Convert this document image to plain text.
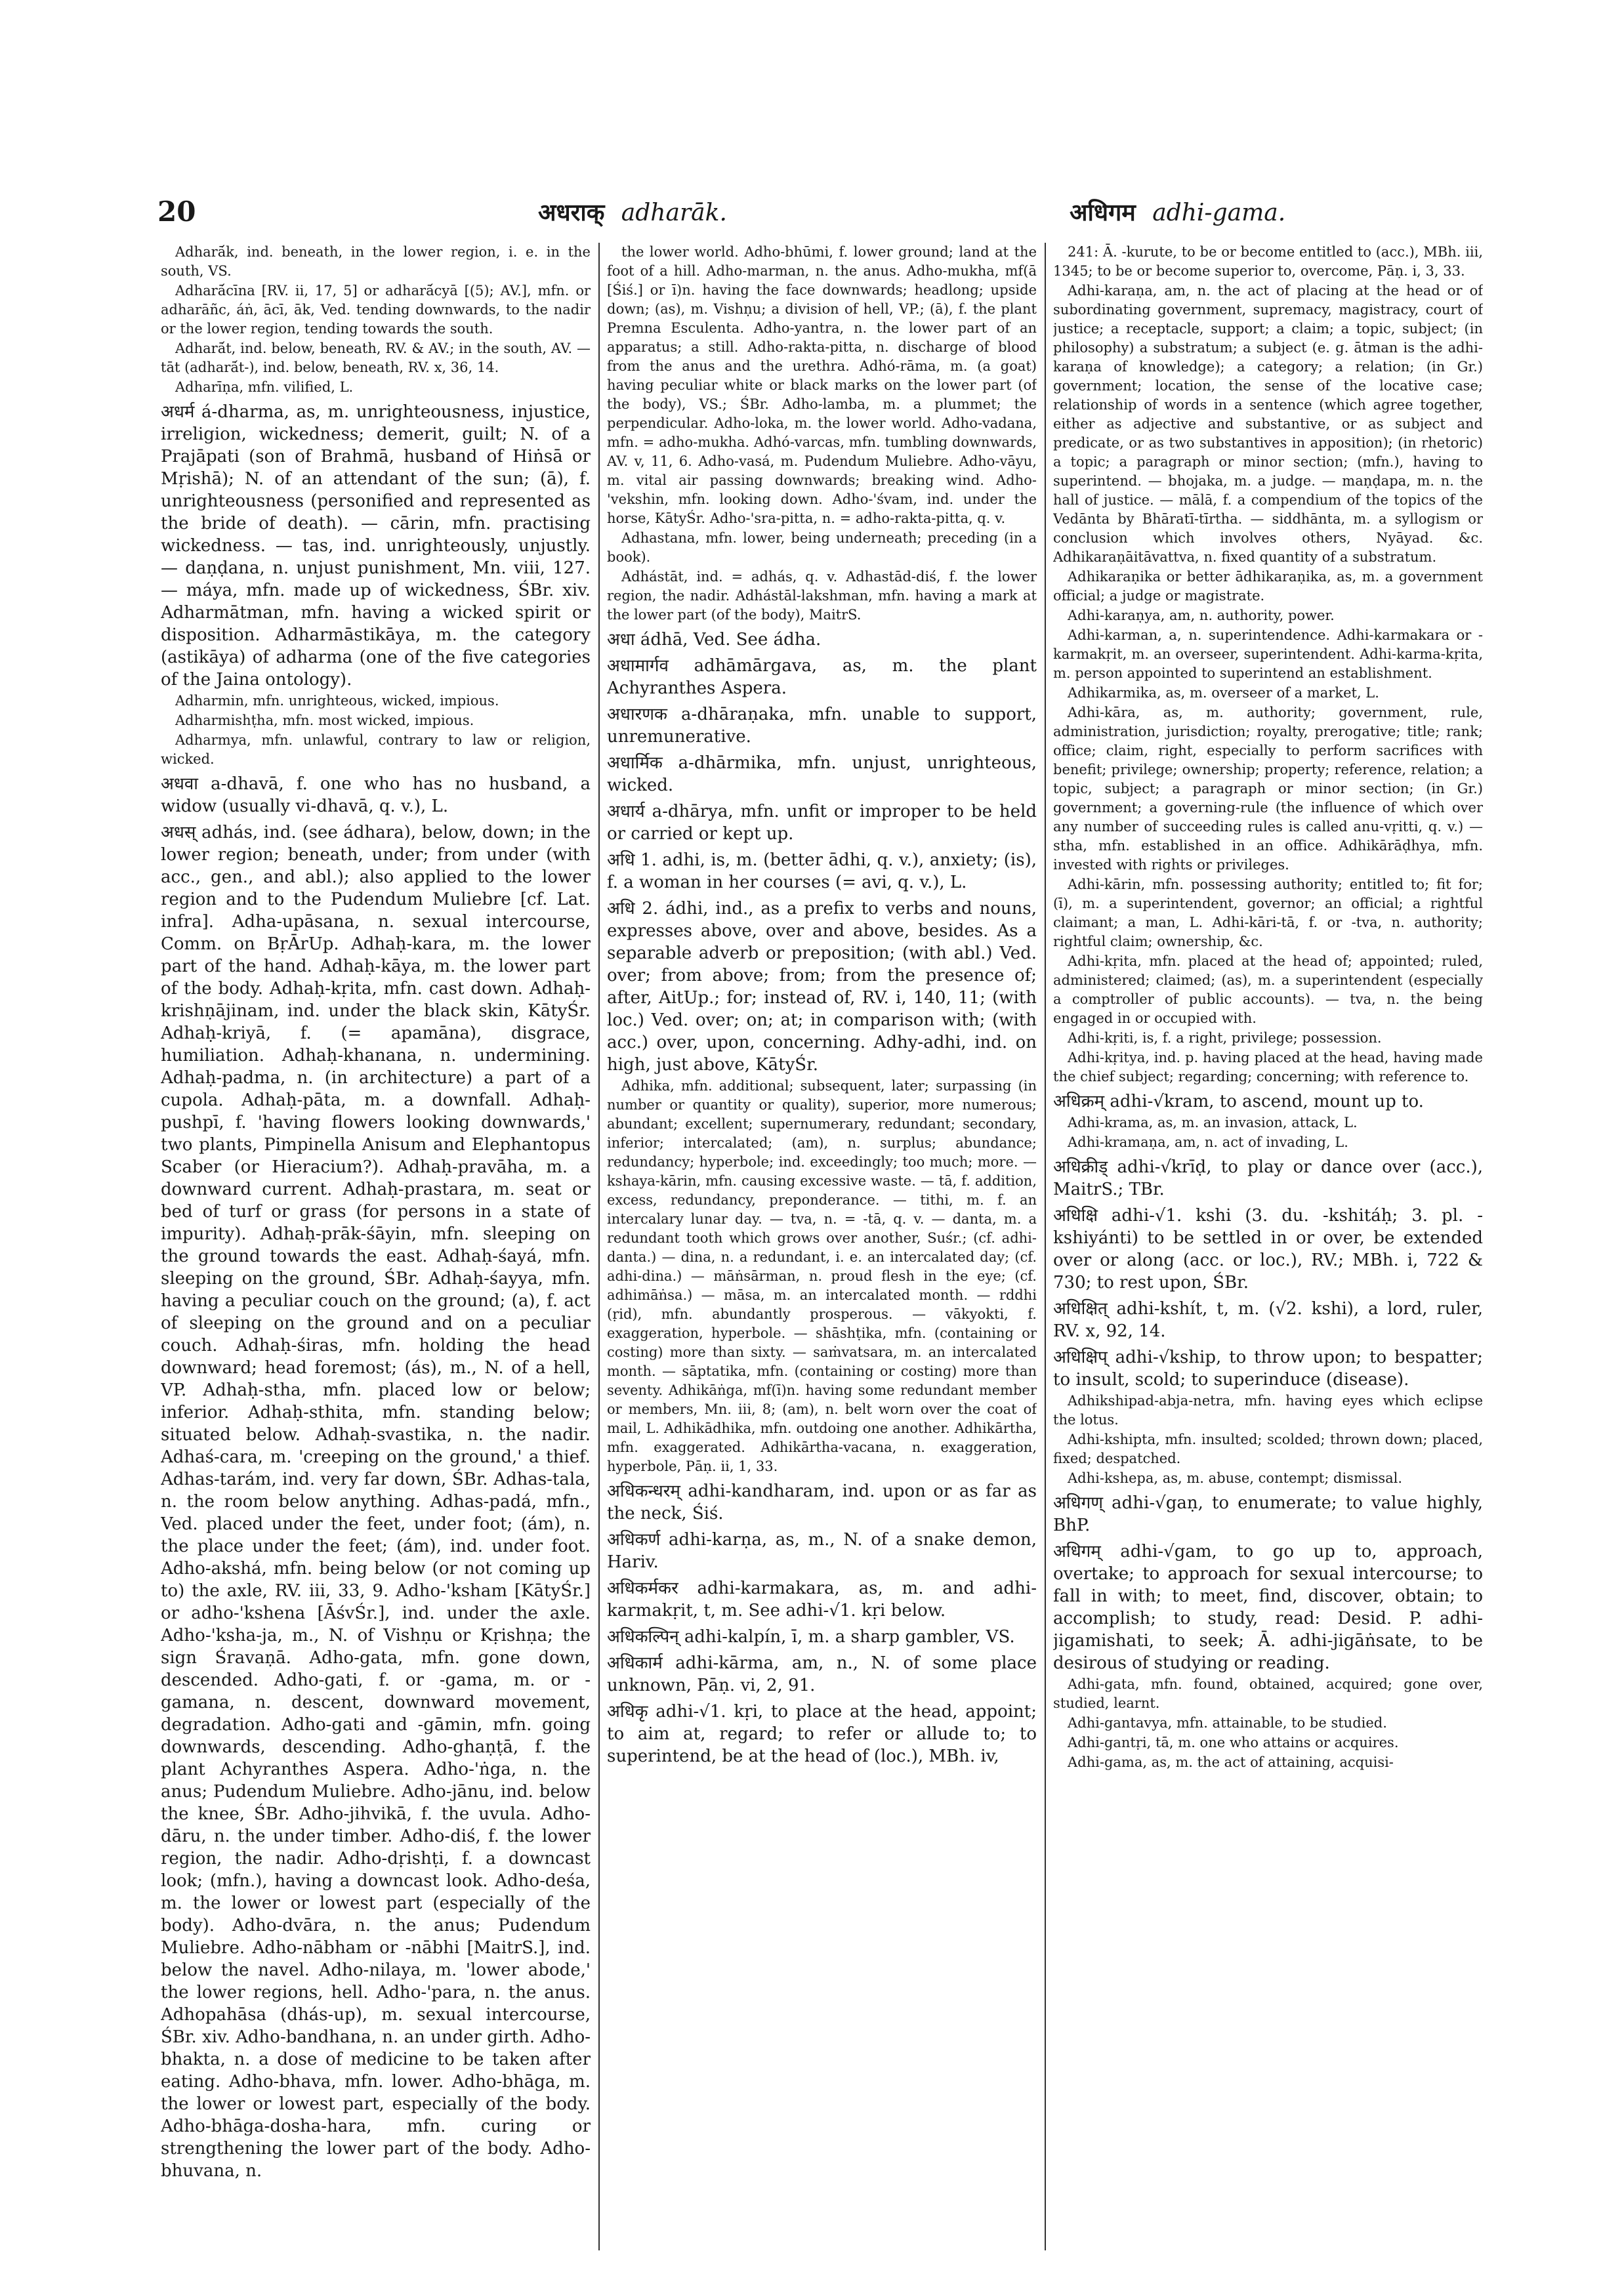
20	अधराक् adharāk.	अधिगम adhi-gama.

Adharā́k, ind. beneath, in the lower region, i. e. in the south, VS.

Adharā́cīna [RV. ii, 17, 5] or adharā́cyā [(5); AV.], mfn. or adharāñc, áṅ, ācī, āk, Ved. tending downwards, to the nadir or the lower region, tending towards the south.

Adharā́t, ind. below, beneath, RV. & AV.; in the south, AV. — tāt (adharā́t-), ind. below, beneath, RV. x, 36, 14.

Adharīṇa, mfn. vilified, L.

अधर्म á-dharma, as, m. unrighteousness, injustice, irreligion, wickedness; demerit, guilt; N. of a Prajāpati (son of Brahmā, husband of Hiṅsā or Mṛishā); N. of an attendant of the sun; (ā), f. unrighteousness (personified and represented as the bride of death). — cārin, mfn. practising wickedness. — tas, ind. unrighteously, unjustly. — daṇḍana, n. unjust punishment, Mn. viii, 127. — máya, mfn. made up of wickedness, ŚBr. xiv. Adharmātman, mfn. having a wicked spirit or disposition. Adharmāstikāya, m. the category (astikāya) of adharma (one of the five categories of the Jaina ontology).

Adharmin, mfn. unrighteous, wicked, impious.

Adharmishṭha, mfn. most wicked, impious.

Adharmya, mfn. unlawful, contrary to law or religion, wicked.

अधवा a-dhavā, f. one who has no husband, a widow (usually vi-dhavā, q. v.), L.

अधस् adhás, ind. (see ádhara), below, down; in the lower region; beneath, under; from under (with acc., gen., and abl.); also applied to the lower region and to the Pudendum Muliebre [cf. Lat. infra]. Adha-upāsana, n. sexual intercourse, Comm. on BṛĀrUp. Adhaḥ-kara, m. the lower part of the hand. Adhaḥ-kāya, m. the lower part of the body. Adhaḥ-kṛita, mfn. cast down. Adhaḥ-krishṇājinam, ind. under the black skin, KātyŚr. Adhaḥ-kriyā, f. (= apamāna), disgrace, humiliation. Adhaḥ-khanana, n. undermining. Adhaḥ-padma, n. (in architecture) a part of a cupola. Adhaḥ-pāta, m. a downfall. Adhaḥ-pushpī, f. 'having flowers looking downwards,' two plants, Pimpinella Anisum and Elephantopus Scaber (or Hieracium?). Adhaḥ-pravāha, m. a downward current. Adhaḥ-prastara, m. seat or bed of turf or grass (for persons in a state of impurity). Adhaḥ-prāk-śāyin, mfn. sleeping on the ground towards the east. Adhaḥ-śayá, mfn. sleeping on the ground, ŚBr. Adhaḥ-śayya, mfn. having a peculiar couch on the ground; (a), f. act of sleeping on the ground and on a peculiar couch. Adhaḥ-śiras, mfn. holding the head downward; head foremost; (ás), m., N. of a hell, VP. Adhaḥ-stha, mfn. placed low or below; inferior. Adhaḥ-sthita, mfn. standing below; situated below. Adhaḥ-svastika, n. the nadir. Adhaś-cara, m. 'creeping on the ground,' a thief. Adhas-tarám, ind. very far down, ŚBr. Adhas-tala, n. the room below anything. Adhas-padá, mfn., Ved. placed under the feet, under foot; (ám), n. the place under the feet; (ám), ind. under foot. Adho-akshá, mfn. being below (or not coming up to) the axle, RV. iii, 33, 9. Adho-'ksham [KātyŚr.] or adho-'kshena [ĀśvŚr.], ind. under the axle. Adho-'ksha-ja, m., N. of Vishṇu or Kṛishṇa; the sign Śravaṇā. Adho-gata, mfn. gone down, descended. Adho-gati, f. or -gama, m. or -gamana, n. descent, downward movement, degradation. Adho-gati and -gāmin, mfn. going downwards, descending. Adho-ghaṇṭā, f. the plant Achyranthes Aspera. Adho-'ṅga, n. the anus; Pudendum Muliebre. Adho-jānu, ind. below the knee, ŚBr. Adho-jihvikā, f. the uvula. Adho-dāru, n. the under timber. Adho-diś, f. the lower region, the nadir. Adho-dṛishṭi, f. a downcast look; (mfn.), having a downcast look. Adho-deśa, m. the lower or lowest part (especially of the body). Adho-dvāra, n. the anus; Pudendum Muliebre. Adho-nābham or -nābhi [MaitrS.], ind. below the navel. Adho-nilaya, m. 'lower abode,' the lower regions, hell. Adho-'para, n. the anus. Adhopahāsa (dhás-up), m. sexual intercourse, ŚBr. xiv. Adho-bandhana, n. an under girth. Adho-bhakta, n. a dose of medicine to be taken after eating. Adho-bhava, mfn. lower. Adho-bhāga, m. the lower or lowest part, especially of the body. Adho-bhāga-dosha-hara, mfn. curing or strengthening the lower part of the body. Adho-bhuvana, n.

the lower world. Adho-bhūmi, f. lower ground; land at the foot of a hill. Adho-marman, n. the anus. Adho-mukha, mf(ā [Śiś.] or ī)n. having the face downwards; headlong; upside down; (as), m. Vishṇu; a division of hell, VP.; (ā), f. the plant Premna Esculenta. Adho-yantra, n. the lower part of an apparatus; a still. Adho-rakta-pitta, n. discharge of blood from the anus and the urethra. Adhó-rāma, m. (a goat) having peculiar white or black marks on the lower part (of the body), VS.; ŚBr. Adho-lamba, m. a plummet; the perpendicular. Adho-loka, m. the lower world. Adho-vadana, mfn. = adho-mukha. Adhó-varcas, mfn. tumbling downwards, AV. v, 11, 6. Adho-vasá, m. Pudendum Muliebre. Adho-vāyu, m. vital air passing downwards; breaking wind. Adho-'vekshin, mfn. looking down. Adho-'śvam, ind. under the horse, KātyŚr. Adho-'sra-pitta, n. = adho-rakta-pitta, q. v.

Adhastana, mfn. lower, being underneath; preceding (in a book).

Adhástāt, ind. = adhás, q. v. Adhastād-diś, f. the lower region, the nadir. Adhástāl-lakshman, mfn. having a mark at the lower part (of the body), MaitrS.

अधा ádhā, Ved. See ádha.

अधामार्गव adhāmārgava, as, m. the plant Achyranthes Aspera.

अधारणक a-dhāraṇaka, mfn. unable to support, unremunerative.

अधार्मिक a-dhārmika, mfn. unjust, unrighteous, wicked.

अधार्य a-dhārya, mfn. unfit or improper to be held or carried or kept up.

अधि 1. adhi, is, m. (better ādhi, q. v.), anxiety; (is), f. a woman in her courses (= avi, q. v.), L.

अधि 2. ádhi, ind., as a prefix to verbs and nouns, expresses above, over and above, besides. As a separable adverb or preposition; (with abl.) Ved. over; from above; from; from the presence of; after, AitUp.; for; instead of, RV. i, 140, 11; (with loc.) Ved. over; on; at; in comparison with; (with acc.) over, upon, concerning. Adhy-adhi, ind. on high, just above, KātyŚr.

Adhika, mfn. additional; subsequent, later; surpassing (in number or quantity or quality), superior, more numerous; abundant; excellent; supernumerary, redundant; secondary, inferior; intercalated; (am), n. surplus; abundance; redundancy; hyperbole; ind. exceedingly; too much; more. — kshaya-kārin, mfn. causing excessive waste. — tā, f. addition, excess, redundancy, preponderance. — tithi, m. f. an intercalary lunar day. — tva, n. = -tā, q. v. — danta, m. a redundant tooth which grows over another, Suśr.; (cf. adhi-danta.) — dina, n. a redundant, i. e. an intercalated day; (cf. adhi-dina.) — māṅsārman, n. proud flesh in the eye; (cf. adhimāṅsa.) — māsa, m. an intercalated month. — rddhi (ṛid), mfn. abundantly prosperous. — vākyokti, f. exaggeration, hyperbole. — shāshṭika, mfn. (containing or costing) more than sixty. — saṁvatsara, m. an intercalated month. — sāptatika, mfn. (containing or costing) more than seventy. Adhikāṅga, mf(ī)n. having some redundant member or members, Mn. iii, 8; (am), n. belt worn over the coat of mail, L. Adhikādhika, mfn. outdoing one another. Adhikārtha, mfn. exaggerated. Adhikārtha-vacana, n. exaggeration, hyperbole, Pāṇ. ii, 1, 33.

अधिकन्धरम् adhi-kandharam, ind. upon or as far as the neck, Śiś.

अधिकर्ण adhi-karṇa, as, m., N. of a snake demon, Hariv.

अधिकर्मकर adhi-karmakara, as, m. and adhi-karmakṛit, t, m. See adhi-√1. kṛi below.

अधिकल्पिन् adhi-kalpín, ī, m. a sharp gambler, VS.

अधिकार्म adhi-kārma, am, n., N. of some place unknown, Pāṇ. vi, 2, 91.

अधिकृ adhi-√1. kṛi, to place at the head, appoint; to aim at, regard; to refer or allude to; to superintend, be at the head of (loc.), MBh. iv,

241: Ā. -kurute, to be or become entitled to (acc.), MBh. iii, 1345; to be or become superior to, overcome, Pāṇ. i, 3, 33.

Adhi-karaṇa, am, n. the act of placing at the head or of subordinating government, supremacy, magistracy, court of justice; a receptacle, support; a claim; a topic, subject; (in philosophy) a substratum; a subject (e. g. ātman is the adhi-karaṇa of knowledge); a category; a relation; (in Gr.) government; location, the sense of the locative case; relationship of words in a sentence (which agree together, either as adjective and substantive, or as subject and predicate, or as two substantives in apposition); (in rhetoric) a topic; a paragraph or minor section; (mfn.), having to superintend. — bhojaka, m. a judge. — maṇḍapa, m. n. the hall of justice. — mālā, f. a compendium of the topics of the Vedānta by Bhāratī-tīrtha. — siddhānta, m. a syllogism or conclusion which involves others, Nyāyad. &c. Adhikaraṇāitāvattva, n. fixed quantity of a substratum.

Adhikaraṇika or better ādhikaraṇika, as, m. a government official; a judge or magistrate.

Adhi-karaṇya, am, n. authority, power.

Adhi-karman, a, n. superintendence. Adhi-karmakara or -karmakṛit, m. an overseer, superintendent. Adhi-karma-kṛita, m. person appointed to superintend an establishment.

Adhikarmika, as, m. overseer of a market, L.

Adhi-kāra, as, m. authority; government, rule, administration, jurisdiction; royalty, prerogative; title; rank; office; claim, right, especially to perform sacrifices with benefit; privilege; ownership; property; reference, relation; a topic, subject; a paragraph or minor section; (in Gr.) government; a governing-rule (the influence of which over any number of succeeding rules is called anu-vṛitti, q. v.) — stha, mfn. established in an office. Adhikārāḍhya, mfn. invested with rights or privileges.

Adhi-kārin, mfn. possessing authority; entitled to; fit for; (ī), m. a superintendent, governor; an official; a rightful claimant; a man, L. Adhi-kāri-tā, f. or -tva, n. authority; rightful claim; ownership, &c.

Adhi-kṛita, mfn. placed at the head of; appointed; ruled, administered; claimed; (as), m. a superintendent (especially a comptroller of public accounts). — tva, n. the being engaged in or occupied with.

Adhi-kṛiti, is, f. a right, privilege; possession.

Adhi-kṛitya, ind. p. having placed at the head, having made the chief subject; regarding; concerning; with reference to.

अधिक्रम् adhi-√kram, to ascend, mount up to.

Adhi-krama, as, m. an invasion, attack, L.

Adhi-kramaṇa, am, n. act of invading, L.

अधिक्रीड् adhi-√krīḍ, to play or dance over (acc.), MaitrS.; TBr.

अधिक्षि adhi-√1. kshi (3. du. -kshitáḥ; 3. pl. -kshiyánti) to be settled in or over, be extended over or along (acc. or loc.), RV.; MBh. i, 722 & 730; to rest upon, ŚBr.

अधिक्षित् adhi-kshít, t, m. (√2. kshi), a lord, ruler, RV. x, 92, 14.

अधिक्षिप् adhi-√kship, to throw upon; to bespatter; to insult, scold; to superinduce (disease).

Adhikshipad-abja-netra, mfn. having eyes which eclipse the lotus.

Adhi-kshipta, mfn. insulted; scolded; thrown down; placed, fixed; despatched.

Adhi-kshepa, as, m. abuse, contempt; dismissal.

अधिगण् adhi-√gaṇ, to enumerate; to value highly, BhP.

अधिगम् adhi-√gam, to go up to, approach, overtake; to approach for sexual intercourse; to fall in with; to meet, find, discover, obtain; to accomplish; to study, read: Desid. P. adhi-jigamishati, to seek; Ā. adhi-jigāṅsate, to be desirous of studying or reading.

Adhi-gata, mfn. found, obtained, acquired; gone over, studied, learnt.

Adhi-gantavya, mfn. attainable, to be studied.

Adhi-gantṛi, tā, m. one who attains or acquires.

Adhi-gama, as, m. the act of attaining, acquisi-
